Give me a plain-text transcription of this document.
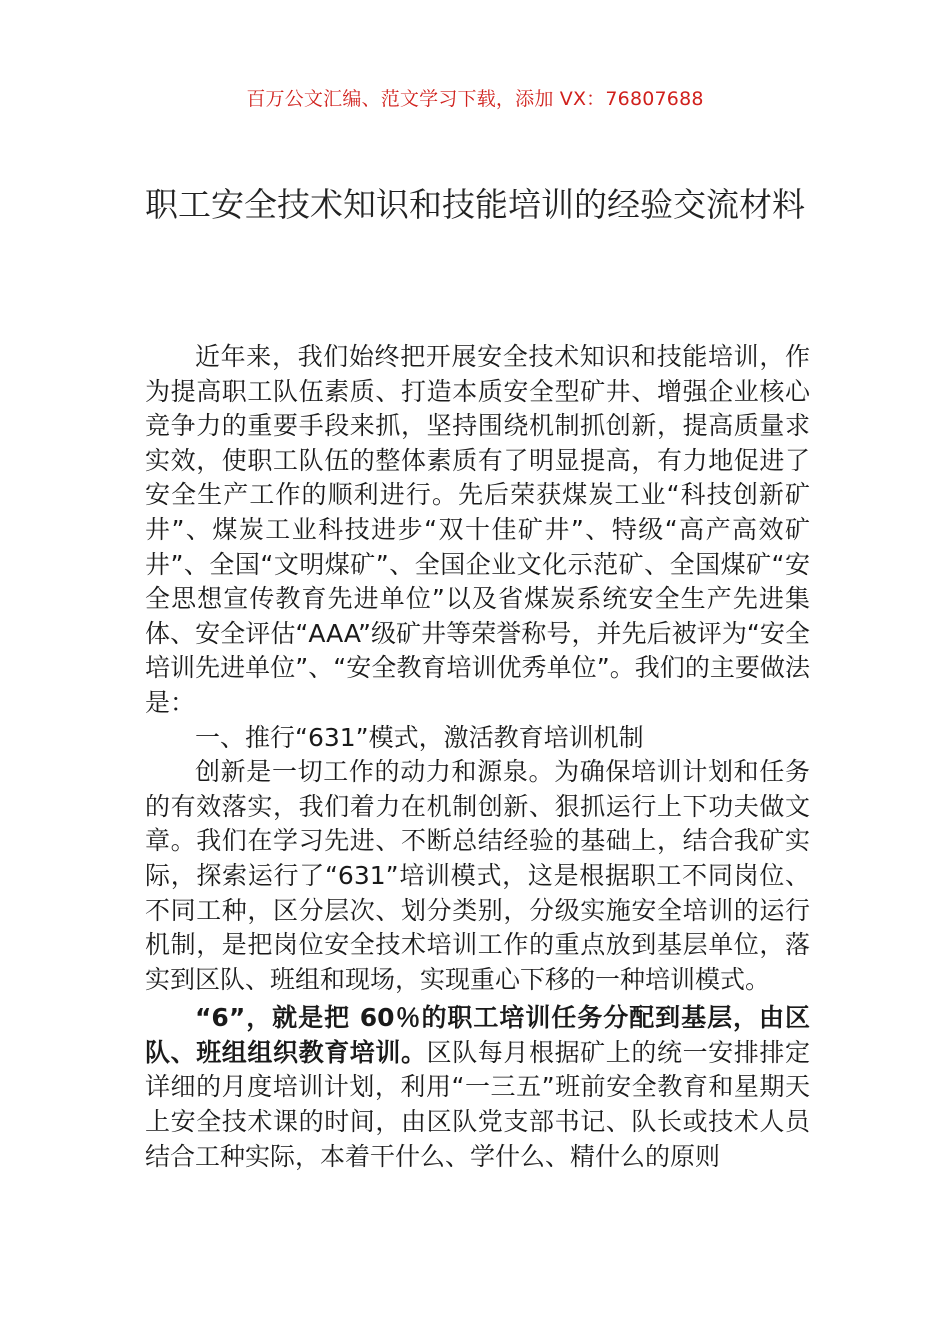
百万公文汇编、范文学习下载，添加 VX：76807688
职工安全技术知识和技能培训的经验交流材料

近年来，我们始终把开展安全技术知识和技能培训，作为提高职工队伍素质、打造本质安全型矿井、增强企业核心竞争力的重要手段来抓，坚持围绕机制抓创新，提高质量求实效，使职工队伍的整体素质有了明显提高，有力地促进了安全生产工作的顺利进行。先后荣获煤炭工业“科技创新矿井”、煤炭工业科技进步“双十佳矿井”、特级“高产高效矿井”、全国“文明煤矿”、全国企业文化示范矿、全国煤矿“安全思想宣传教育先进单位”以及省煤炭系统安全生产先进集体、安全评估“AAA”级矿井等荣誉称号，并先后被评为“安全培训先进单位”、“安全教育培训优秀单位”。我们的主要做法是：

一、推行“631”模式，激活教育培训机制

创新是一切工作的动力和源泉。为确保培训计划和任务的有效落实，我们着力在机制创新、狠抓运行上下功夫做文章。我们在学习先进、不断总结经验的基础上，结合我矿实际，探索运行了“631”培训模式，这是根据职工不同岗位、不同工种，区分层次、划分类别，分级实施安全培训的运行机制，是把岗位安全技术培训工作的重点放到基层单位，落实到区队、班组和现场，实现重心下移的一种培训模式。

“6”，就是把 60％的职工培训任务分配到基层，由区队、班组组织教育培训。区队每月根据矿上的统一安排排定详细的月度培训计划，利用“一三五”班前安全教育和星期天上安全技术课的时间，由区队党支部书记、队长或技术人员结合工种实际，本着干什么、学什么、精什么的原则
